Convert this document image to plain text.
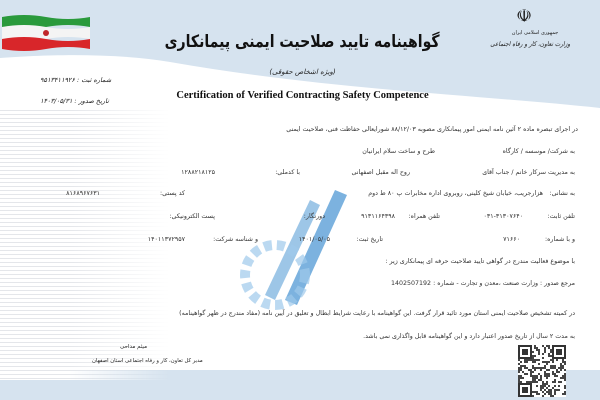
شماره ثبت : ۹۵۱۳۴۱۱۹۲۶
تاریخ صدور : ۱۴۰۳/۰۵/۳۱
☫
جمهوری اسلامی ایران
وزارت تعاون، کار و رفاه اجتماعی
گواهینامه تایید صلاحیت ایمنی پیمانکاری
(ویژه اشخاص حقوقی)
Certification of Verified Contracting Safety Competence
در اجرای تبصره ماده ۲ آئین نامه ایمنی امور پیمانکاری مصوبه ۸۸/۱۲/۰۳ شورایعالی حفاظت فنی، صلاحیت ایمنی
به شرکت/ موسسه / کارگاه
طرح و ساخت سلام ایرانیان
به مدیریت سرکار خانم / جناب آقای
روح اله مقبل اصفهانی
با کدملی:
۱۲۸۸۲۱۸۱۲۵
به نشانی:
هزارجریب، خیابان شیخ کلینی، روبروی اداره مخابرات پ ۸۰ ط دوم
کد پستی:
۸۱۶۸۹۶۷۶۳۱
تلفن ثابت:
۰۳۱-۳۱۳۰۷۶۴۰
تلفن همراه:
۹۱۳۱۱۶۴۳۹۸
دورنگار:
پست الکترونیکی:
و با شماره:
۷۱۶۶۰
تاریخ ثبت:
۱۴۰۱/۰۵/۰۵
و شناسه شرکت:
۱۴۰۱۱۳۷۲۹۵۷
با موضوع فعالیت مندرج در گواهی تایید صلاحیت حرفه ای پیمانکاری زیر :
مرجع صدور : وزارت صنعت ،معدن و تجارت - شماره : 1402507192
در کمیته تشخیص صلاحیت ایمنی استان مورد تائید قرار گرفت. این گواهینامه با رعایت شرایط ابطال و تعلیق در آیین نامه (مفاد مندرج در ظهر گواهینامه)
به مدت ۲ سال از تاریخ صدور اعتبار دارد و این گواهینامه قابل واگذاری نمی باشد.
میثم مداحی
مدیر کل تعاون، کار و رفاه اجتماعی استان اصفهان
